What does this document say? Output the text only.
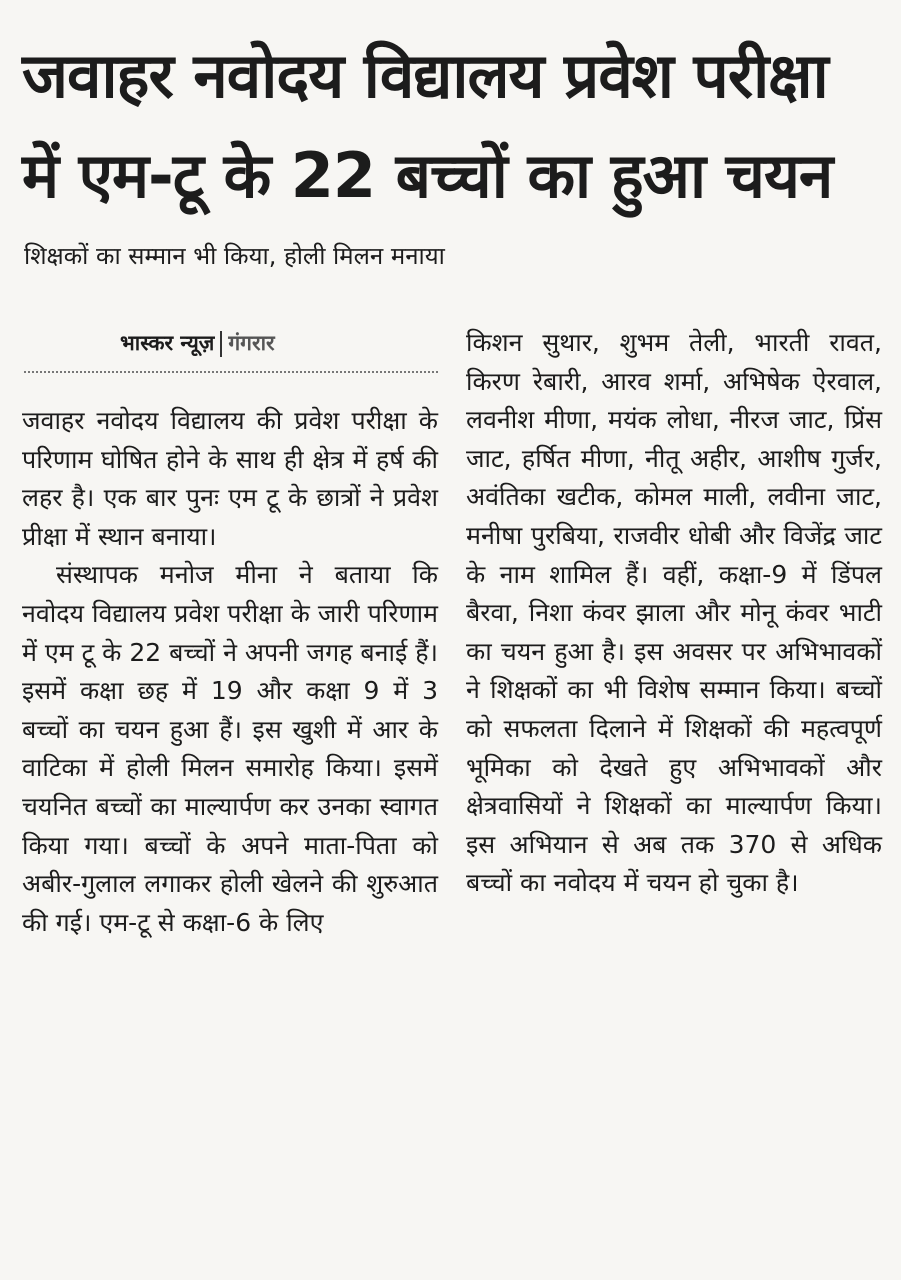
जवाहर नवोदय विद्यालय प्रवेश परीक्षा
में एम-टू के 22 बच्चों का हुआ चयन
शिक्षकों का सम्मान भी किया, होली मिलन मनाया
भास्कर न्यूज़ गंगरार

जवाहर नवोदय विद्यालय की प्रवेश परीक्षा के परिणाम घोषित होने के साथ ही क्षेत्र में हर्ष की लहर है। एक बार पुनः एम टू के छात्रों ने प्रवेश प्रीक्षा में स्थान बनाया।

संस्थापक मनोज मीना ने बताया कि नवोदय विद्यालय प्रवेश परीक्षा के जारी परिणाम में एम टू के 22 बच्चों ने अपनी जगह बनाई हैं। इसमें कक्षा छह में 19 और कक्षा 9 में 3 बच्चों का चयन हुआ हैं। इस खुशी में आर के वाटिका में होली मिलन समारोह किया। इसमें चयनित बच्चों का माल्यार्पण कर उनका स्वागत किया गया। बच्चों के अपने माता-पिता को अबीर-गुलाल लगाकर होली खेलने की शुरुआत की गई। एम-टू से कक्षा-6 के लिए

किशन सुथार, शुभम तेली, भारती रावत, किरण रेबारी, आरव शर्मा, अभिषेक ऐरवाल, लवनीश मीणा, मयंक लोधा, नीरज जाट, प्रिंस जाट, हर्षित मीणा, नीतू अहीर, आशीष गुर्जर, अवंतिका खटीक, कोमल माली, लवीना जाट, मनीषा पुरबिया, राजवीर धोबी और विजेंद्र जाट के नाम शामिल हैं। वहीं, कक्षा-9 में डिंपल बैरवा, निशा कंवर झाला और मोनू कंवर भाटी का चयन हुआ है। इस अवसर पर अभिभावकों ने शिक्षकों का भी विशेष सम्मान किया। बच्चों को सफलता दिलाने में शिक्षकों की महत्वपूर्ण भूमिका को देखते हुए अभिभावकों और क्षेत्रवासियों ने शिक्षकों का माल्यार्पण किया। इस अभियान से अब तक 370 से अधिक बच्चों का नवोदय में चयन हो चुका है।
